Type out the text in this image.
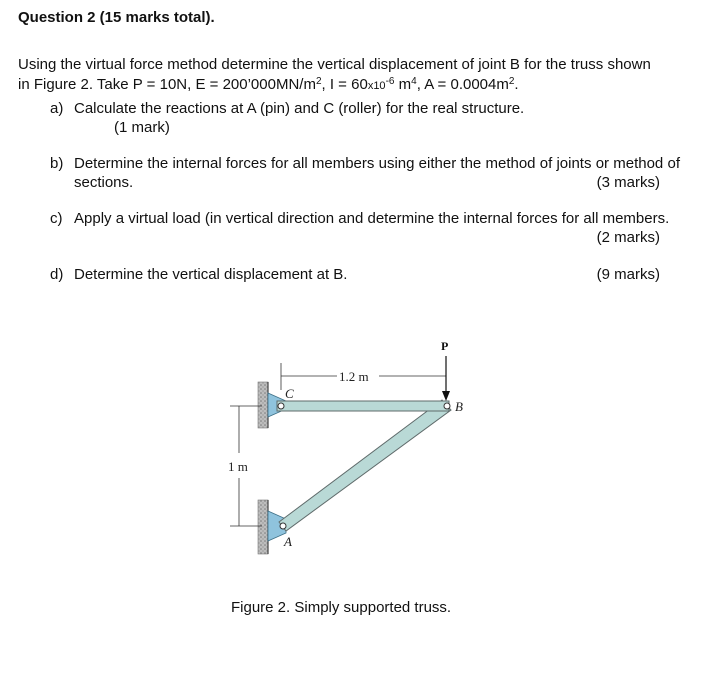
Question 2 (15 marks total).
Using the virtual force method determine the vertical displacement of joint B for the truss shown
in Figure 2. Take P = 10N, $E = 200’000MN/m^2$, $I = 60x10^{-6}$ $m^4$, $A = 0.0004m^2$.
a) Calculate the reactions at A (pin) and C (roller) for the real structure.
(1 mark)
b) Determine the internal forces for all members using either the method of joints or method of sections.	(3 marks)
c) Apply a virtual load (in vertical direction and determine the internal forces for all members.
(2 marks)
d) Determine the vertical displacement at B.	(9 marks)
1.2 m
1 m
P
C
B
A
Figure 2. Simply supported truss.
